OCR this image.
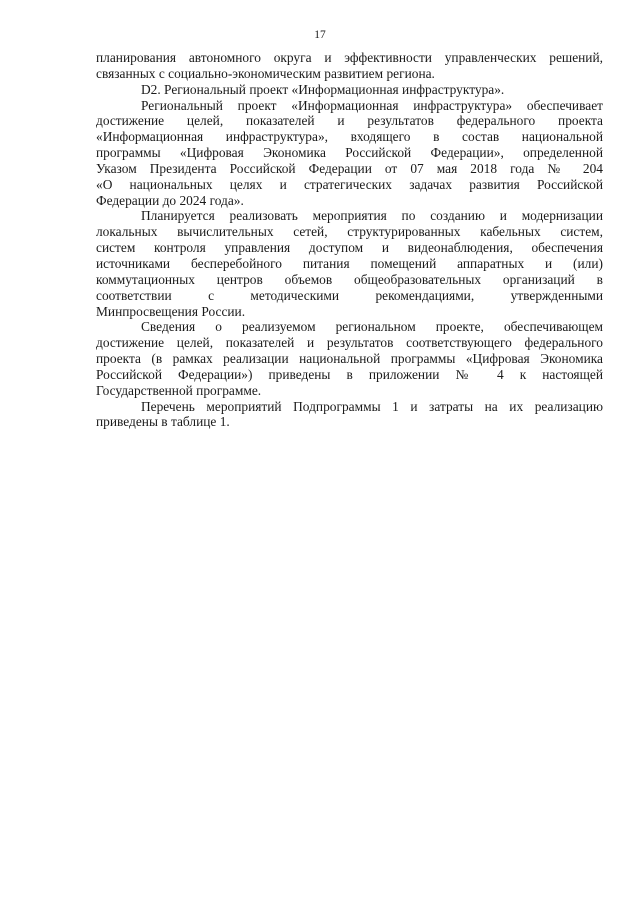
17

планирования автономного округа и эффективности управленческих решений,
связанных с социально-экономическим развитием региона.

D2. Региональный проект «Информационная инфраструктура».

Региональный проект «Информационная инфраструктура» обеспечивает
достижение целей, показателей и результатов федерального проекта
«Информационная инфраструктура», входящего в состав национальной
программы «Цифровая Экономика Российской Федерации», определенной
Указом Президента Российской Федерации от 07 мая 2018 года № 204
«О национальных целях и стратегических задачах развития Российской
Федерации до 2024 года».

Планируется реализовать мероприятия по созданию и модернизации
локальных вычислительных сетей, структурированных кабельных систем,
систем контроля управления доступом и видеонаблюдения, обеспечения
источниками бесперебойного питания помещений аппаратных и (или)
коммутационных центров объемов общеобразовательных организаций в
соответствии с методическими рекомендациями, утвержденными
Минпросвещения России.

Сведения о реализуемом региональном проекте, обеспечивающем
достижение целей, показателей и результатов соответствующего федерального
проекта (в рамках реализации национальной программы «Цифровая Экономика
Российской Федерации») приведены в приложении № 4 к настоящей
Государственной программе.

Перечень мероприятий Подпрограммы 1 и затраты на их реализацию
приведены в таблице 1.
